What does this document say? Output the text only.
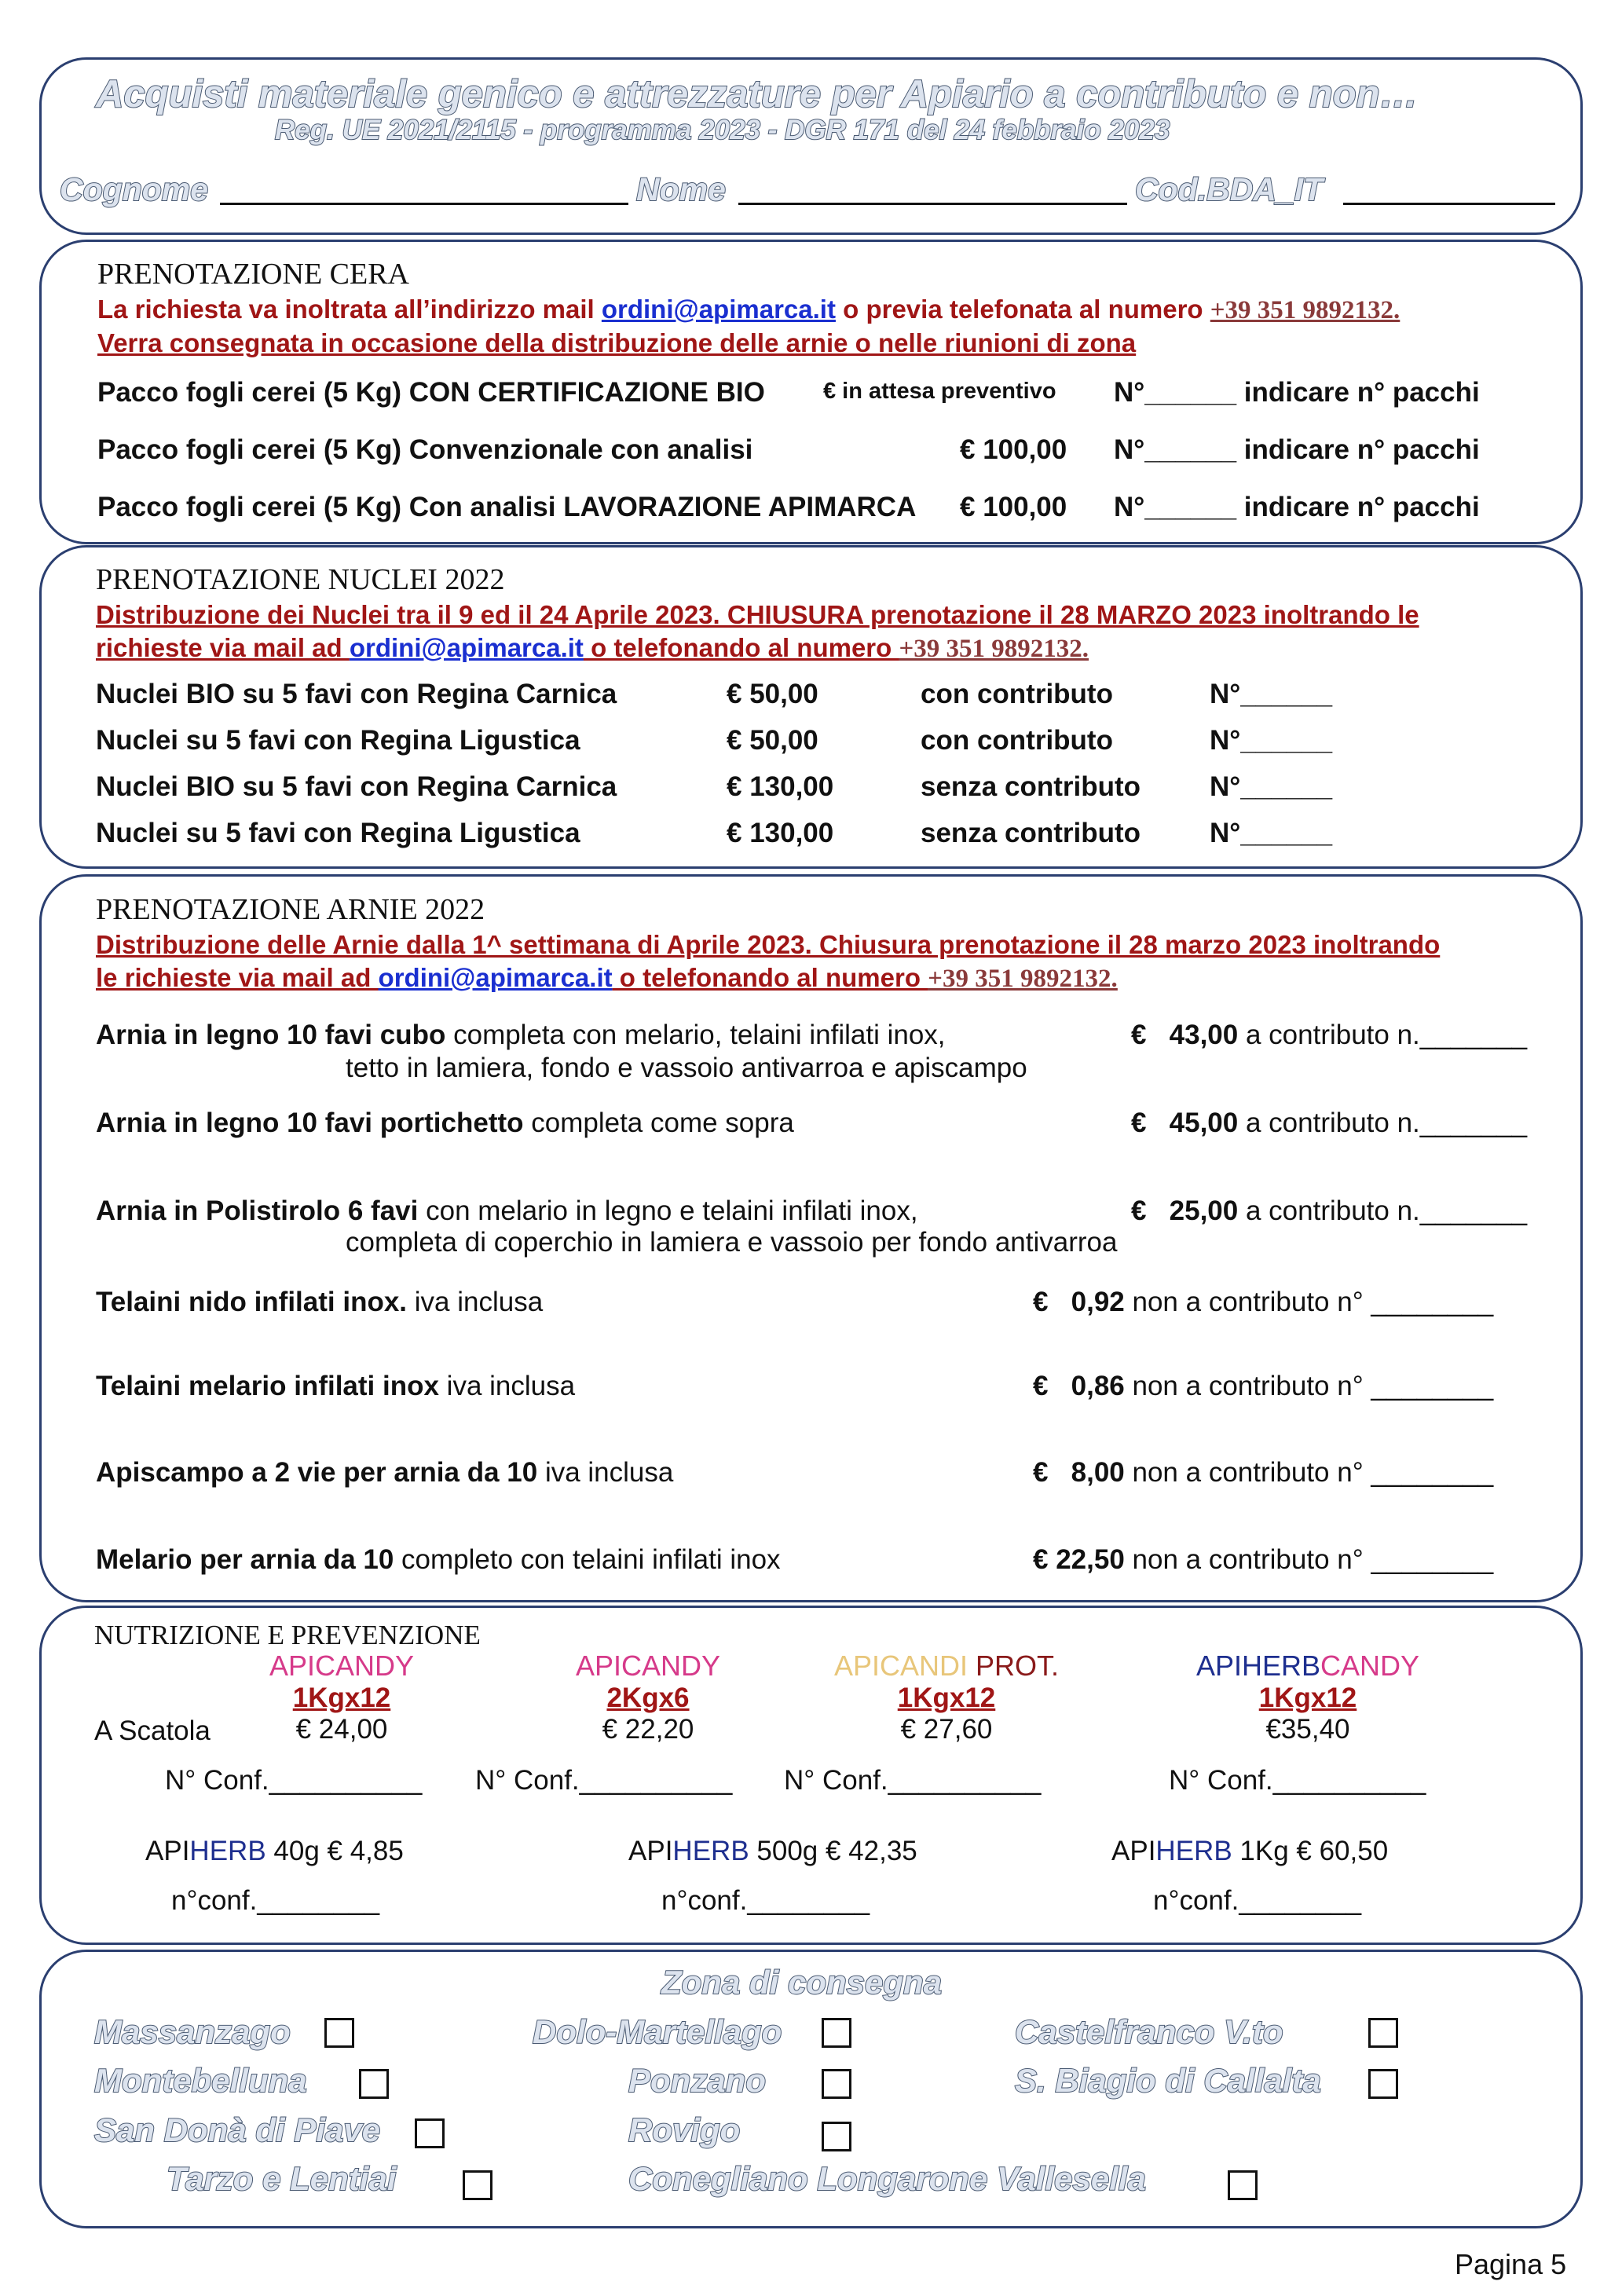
Acquisti materiale genico e attrezzature per Apiario a contributo e non…
Reg. UE 2021/2115 - programma 2023 - DGR 171 del 24 febbraio 2023
Cognome	Nome	Cod.BDA_IT
PRENOTAZIONE CERA
La richiesta va inoltrata all’indirizzo mail ordini@apimarca.it o previa telefonata al numero +39 351 9892132.
Verra consegnata in occasione della distribuzione delle arnie o nelle riunioni di zona
Pacco fogli cerei (5 Kg) CON CERTIFICAZIONE BIO	€ in attesa preventivo N°______ indicare n° pacchi
Pacco fogli cerei (5 Kg) Convenzionale con analisi	€ 100,00 N°______ indicare n° pacchi
Pacco fogli cerei (5 Kg) Con analisi LAVORAZIONE APIMARCA € 100,00 N°______ indicare n° pacchi
PRENOTAZIONE NUCLEI 2022
Distribuzione dei Nuclei tra il 9 ed il 24 Aprile 2023. CHIUSURA prenotazione il 28 MARZO 2023 inoltrando le
richieste via mail ad ordini@apimarca.it o telefonando al numero +39 351 9892132.
Nuclei BIO su 5 favi con Regina Carnica	€ 50,00	con contributo	N°______
Nuclei su 5 favi con Regina Ligustica	€ 50,00	con contributo	N°______
Nuclei BIO su 5 favi con Regina Carnica	€ 130,00	senza contributo	N°______
Nuclei su 5 favi con Regina Ligustica	€ 130,00	senza contributo	N°______
PRENOTAZIONE ARNIE 2022
Distribuzione delle Arnie dalla 1^ settimana di Aprile 2023. Chiusura prenotazione il 28 marzo 2023 inoltrando
le richieste via mail ad ordini@apimarca.it o telefonando al numero +39 351 9892132.
Arnia in legno 10 favi cubo completa con melario, telaini infilati inox,
tetto in lamiera, fondo e vassoio antivarroa e apiscampo
€ 43,00 a contributo n._______
Arnia in legno 10 favi portichetto completa come sopra	€ 45,00 a contributo n._______
Arnia in Polistirolo 6 favi con melario in legno e telaini infilati inox,
completa di coperchio in lamiera e vassoio per fondo antivarroa
€ 25,00 a contributo n._______
Telaini nido infilati inox. iva inclusa	€ 0,92 non a contributo n° ________
Telaini melario infilati inox iva inclusa	€ 0,86 non a contributo n° ________
Apiscampo a 2 vie per arnia da 10 iva inclusa	€ 8,00 non a contributo n° ________
Melario per arnia da 10 completo con telaini infilati inox	€ 22,50 non a contributo n° ________
NUTRIZIONE E PREVENZIONE
APICANDY
1Kgx12
€ 24,00
APICANDY
2Kgx6
€ 22,20
APICANDI PROT.
1Kgx12
€ 27,60
APIHERBCANDY
1Kgx12
€35,40
A Scatola
N° Conf.__________ N° Conf.__________ N° Conf.__________	N° Conf.__________
APIHERB 40g € 4,85	APIHERB 500g € 42,35	APIHERB 1Kg € 60,50
n°conf.________	n°conf.________	n°conf.________
Zona di consegna
Massanzago	Dolo-Martellago	Castelfranco V.to
Montebelluna	Ponzano	S. Biagio di Callalta
San Donà di Piave	Rovigo
Tarzo e Lentiai	Conegliano Longarone Vallesella
Pagina 5
